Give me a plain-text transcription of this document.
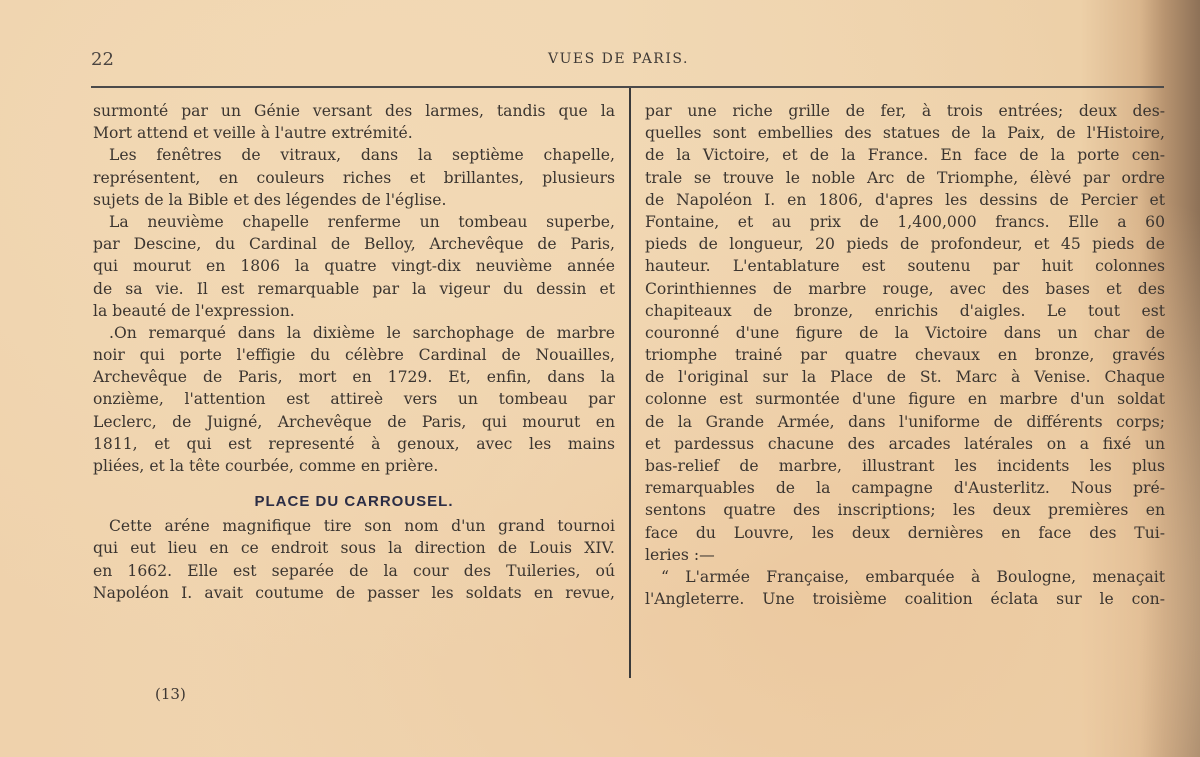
22	VUES DE PARIS.
surmonté par un Génie versant des larmes, tandis que la
Mort attend et veille à l'autre extrémité.
Les fenêtres de vitraux, dans la septième chapelle,
représentent, en couleurs riches et brillantes, plusieurs
sujets de la Bible et des légendes de l'église.
La neuvième chapelle renferme un tombeau superbe,
par Descine, du Cardinal de Belloy, Archevêque de Paris,
qui mourut en 1806 la quatre vingt-dix neuvième année
de sa vie. Il est remarquable par la vigeur du dessin et
la beauté de l'expression.
.On remarqué dans la dixième le sarchophage de marbre
noir qui porte l'effigie du célèbre Cardinal de Nouailles,
Archevêque de Paris, mort en 1729. Et, enfin, dans la
onzième, l'attention est attireè vers un tombeau par
Leclerc, de Juigné, Archevêque de Paris, qui mourut en
1811, et qui est representé à genoux, avec les mains
pliées, et la tête courbée, comme en prière.
PLACE DU CARROUSEL.
Cette aréne magnifique tire son nom d'un grand tournoi
qui eut lieu en ce endroit sous la direction de Louis XIV.
en 1662. Elle est separée de la cour des Tuileries, oú
Napoléon I. avait coutume de passer les soldats en revue,
par une riche grille de fer, à trois entrées; deux des-
quelles sont embellies des statues de la Paix, de l'Histoire,
de la Victoire, et de la France. En face de la porte cen-
trale se trouve le noble Arc de Triomphe, élèvé par ordre
de Napoléon I. en 1806, d'apres les dessins de Percier et
Fontaine, et au prix de 1,400,000 francs. Elle a 60
pieds de longueur, 20 pieds de profondeur, et 45 pieds de
hauteur. L'entablature est soutenu par huit colonnes
Corinthiennes de marbre rouge, avec des bases et des
chapiteaux de bronze, enrichis d'aigles. Le tout est
couronné d'une figure de la Victoire dans un char de
triomphe trainé par quatre chevaux en bronze, gravés
de l'original sur la Place de St. Marc à Venise. Chaque
colonne est surmontée d'une figure en marbre d'un soldat
de la Grande Armée, dans l'uniforme de différents corps;
et pardessus chacune des arcades latérales on a fixé un
bas-relief de marbre, illustrant les incidents les plus
remarquables de la campagne d'Austerlitz. Nous pré-
sentons quatre des inscriptions; les deux premières en
face du Louvre, les deux dernières en face des Tui-
leries :—
“ L'armée Française, embarquée à Boulogne, menaçait
l'Angleterre. Une troisième coalition éclata sur le con-
(13)
